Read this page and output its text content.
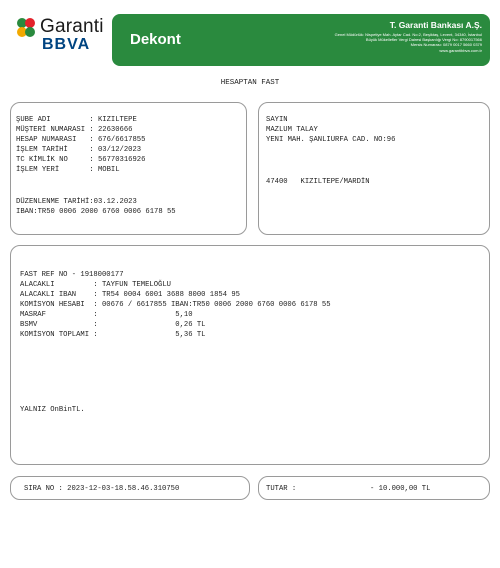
Garanti
BBVA	Dekont
T. Garanti Bankası A.Ş.
Genel Müdürlük: Nispetiye Mah. Aytar Cad. No:2, Beşiktaş, Levent, 34340, İstanbul
Büyük Mükellefler Vergi Dairesi Başkanlığı Vergi No: 8790017566
Mersis Numarası: 0879 0017 5660 0379
www.garantibbva.com.tr
HESAPTAN FAST
ŞUBE ADI         : KIZILTEPE
MÜŞTERİ NUMARASI : 22630666
HESAP NUMARASI   : 676/6617855
İŞLEM TARİHİ     : 03/12/2023
TC KİMLİK NO     : 56770316926
İŞLEM YERİ       : MOBIL
DÜZENLENME TARİHİ:03.12.2023
IBAN:TR50 0006 2000 6760 0006 6178 55
SAYIN
MAZLUM TALAY
YENI MAH. ŞANLIURFA CAD. NO:96
47400   KIZILTEPE/MARDİN
FAST REF NO - 1918000177
ALACAKLI         : TAYFUN TEMELOĞLU
ALACAKLI IBAN    : TR54 0004 6001 3688 8000 1854 95
KOMİSYON HESABI  : 00676 / 6617855 IBAN:TR50 0006 2000 6760 0006 6178 55
MASRAF           :                  5,10
BSMV             :                  0,26 TL
KOMİSYON TOPLAMI :                  5,36 TL
YALNIZ OnBinTL.
SIRA NO : 2023-12-03-18.58.46.310750	TUTAR :	- 10.000,00 TL
